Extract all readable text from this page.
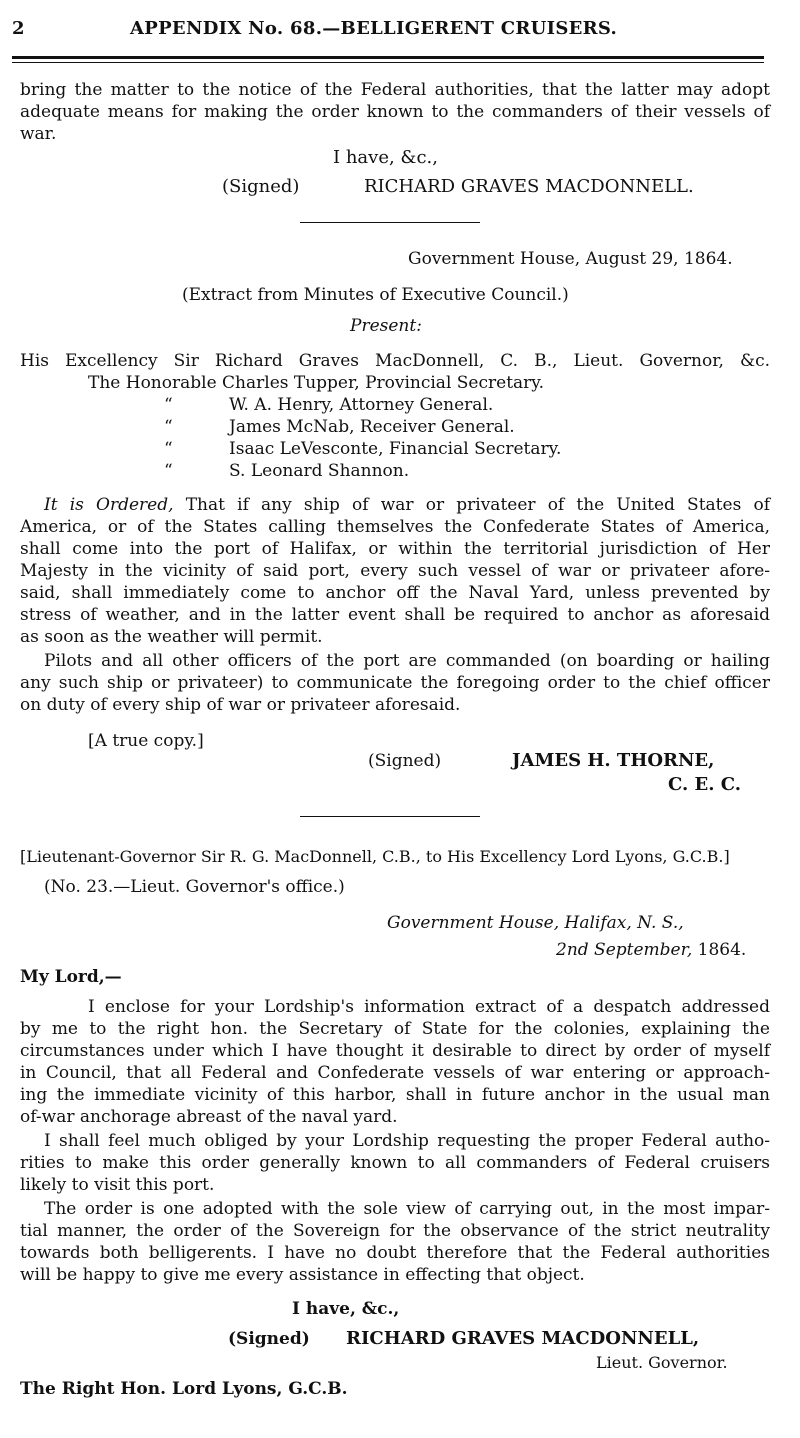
2	APPENDIX No. 68.—BELLIGERENT CRUISERS.
bring the matter to the notice of the Federal authorities, that the latter may adopt
adequate means for making the order known to the commanders of their vessels of
war.
I have, &c.,
(Signed)	RICHARD GRAVES MACDONNELL.
Government House, August 29, 1864.
(Extract from Minutes of Executive Council.)
Present:
His Excellency Sir Richard Graves MacDonnell, C. B., Lieut. Governor, &c.
The Honorable Charles Tupper, Provincial Secretary.
“	W. A. Henry, Attorney General.
“	James McNab, Receiver General.
“	Isaac LeVesconte, Financial Secretary.
“	S. Leonard Shannon.
It is Ordered, That if any ship of war or privateer of the United States of
America, or of the States calling themselves the Confederate States of America,
shall come into the port of Halifax, or within the territorial jurisdiction of Her
Majesty in the vicinity of said port, every such vessel of war or privateer afore-
said, shall immediately come to anchor off the Naval Yard, unless prevented by
stress of weather, and in the latter event shall be required to anchor as aforesaid
as soon as the weather will permit.
Pilots and all other officers of the port are commanded (on boarding or hailing
any such ship or privateer) to communicate the foregoing order to the chief officer
on duty of every ship of war or privateer aforesaid.
[A true copy.]
(Signed)	JAMES H. THORNE,
C. E. C.
[Lieutenant-Governor Sir R. G. MacDonnell, C.B., to His Excellency Lord Lyons, G.C.B.]
(No. 23.—Lieut. Governor's office.)
Government House, Halifax, N. S.,
2nd September, 1864.
My Lord,—
I enclose for your Lordship's information extract of a despatch addressed
by me to the right hon. the Secretary of State for the colonies, explaining the
circumstances under which I have thought it desirable to direct by order of myself
in Council, that all Federal and Confederate vessels of war entering or approach-
ing the immediate vicinity of this harbor, shall in future anchor in the usual man
of-war anchorage abreast of the naval yard.
I shall feel much obliged by your Lordship requesting the proper Federal autho-
rities to make this order generally known to all commanders of Federal cruisers
likely to visit this port.
The order is one adopted with the sole view of carrying out, in the most impar-
tial manner, the order of the Sovereign for the observance of the strict neutrality
towards both belligerents. I have no doubt therefore that the Federal authorities
will be happy to give me every assistance in effecting that object.
I have, &c.,
(Signed) RICHARD GRAVES MACDONNELL,
Lieut. Governor.
The Right Hon. Lord Lyons, G.C.B.
